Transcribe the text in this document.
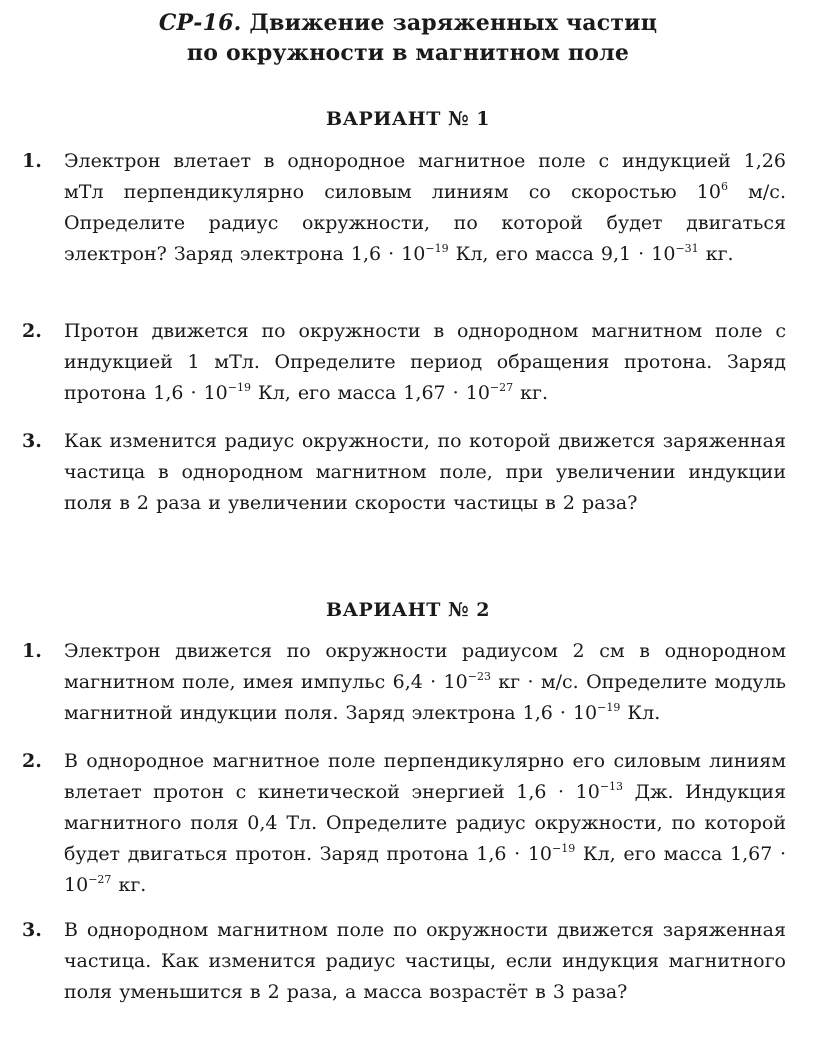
СР-16. Движение заряженных частиц
по окружности в магнитном поле
ВАРИАНТ № 1
1.	Электрон влетает в однородное магнитное поле с индукцией 1,26 мТл перпендикулярно силовым линиям со скоростью $10^6$ м/с. Определите радиус окружности, по которой будет двигаться электрон? Заряд электрона $1,6 \cdot 10^{-19}$ Кл, его масса $9,1 \cdot 10^{-31}$ кг.
2.	Протон движется по окружности в однородном магнитном поле с индукцией 1 мТл. Определите период обращения протона. Заряд протона $1,6 \cdot 10^{-19}$ Кл, его масса $1,67 \cdot 10^{-27}$ кг.
3.	Как изменится радиус окружности, по которой движется заряженная частица в однородном магнитном поле, при увеличении индукции поля в 2 раза и увеличении скорости частицы в 2 раза?
ВАРИАНТ № 2
1.	Электрон движется по окружности радиусом 2 см в однородном магнитном поле, имея импульс $6,4 \cdot 10^{-23}$ кг · м/с. Определите модуль магнитной индукции поля. Заряд электрона $1,6 \cdot 10^{-19}$ Кл.
2.	В однородное магнитное поле перпендикулярно его силовым линиям влетает протон с кинетической энергией $1,6 \cdot 10^{-13}$ Дж. Индукция магнитного поля 0,4 Тл. Определите радиус окружности, по которой будет двигаться протон. Заряд протона $1,6 \cdot 10^{-19}$ Кл, его масса $1,67 \cdot 10^{-27}$ кг.
3.	В однородном магнитном поле по окружности движется заряженная частица. Как изменится радиус частицы, если индукция магнитного поля уменьшится в 2 раза, а масса возрастёт в 3 раза?
